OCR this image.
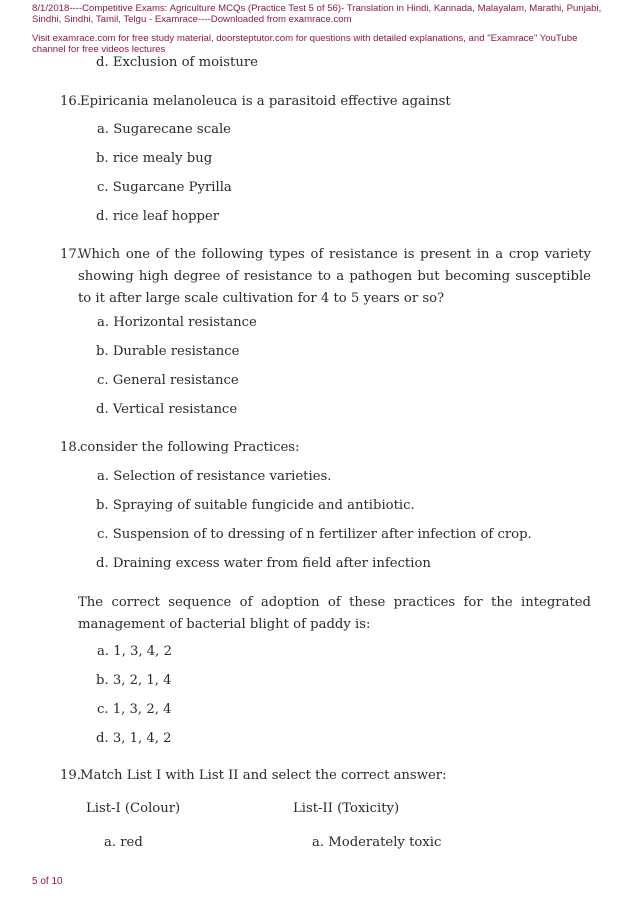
8/1/2018----Competitive Exams: Agriculture MCQs (Practice Test 5 of 56)- Translation in Hindi, Kannada, Malayalam, Marathi, Punjabi, Sindhi, Sindhi, Tamil, Telgu - Examrace----Downloaded from examrace.com
Visit examrace.com for free study material, doorsteptutor.com for questions with detailed explanations, and "Examrace" YouTube channel for free videos lectures
d. Exclusion of moisture
16. Epiricania melanoleuca is a parasitoid effective against
a. Sugarecane scale
b. rice mealy bug
c. Sugarcane Pyrilla
d. rice leaf hopper
17.
Which one of the following types of resistance is present in a crop variety showing high degree of resistance to a pathogen but becoming susceptible to it after large scale cultivation for 4 to 5 years or so?
a. Horizontal resistance
b. Durable resistance
c. General resistance
d. Vertical resistance
18. consider the following Practices:
a. Selection of resistance varieties.
b. Spraying of suitable fungicide and antibiotic.
c. Suspension of to dressing of n fertilizer after infection of crop.
d. Draining excess water from field after infection
The correct sequence of adoption of these practices for the integrated management of bacterial blight of paddy is:
a. 1, 3, 4, 2
b. 3, 2, 1, 4
c. 1, 3, 2, 4
d. 3, 1, 4, 2
19. Match List I with List II and select the correct answer:
List-I (Colour)	List-II (Toxicity)
a. red	a. Moderately toxic
5 of 10
